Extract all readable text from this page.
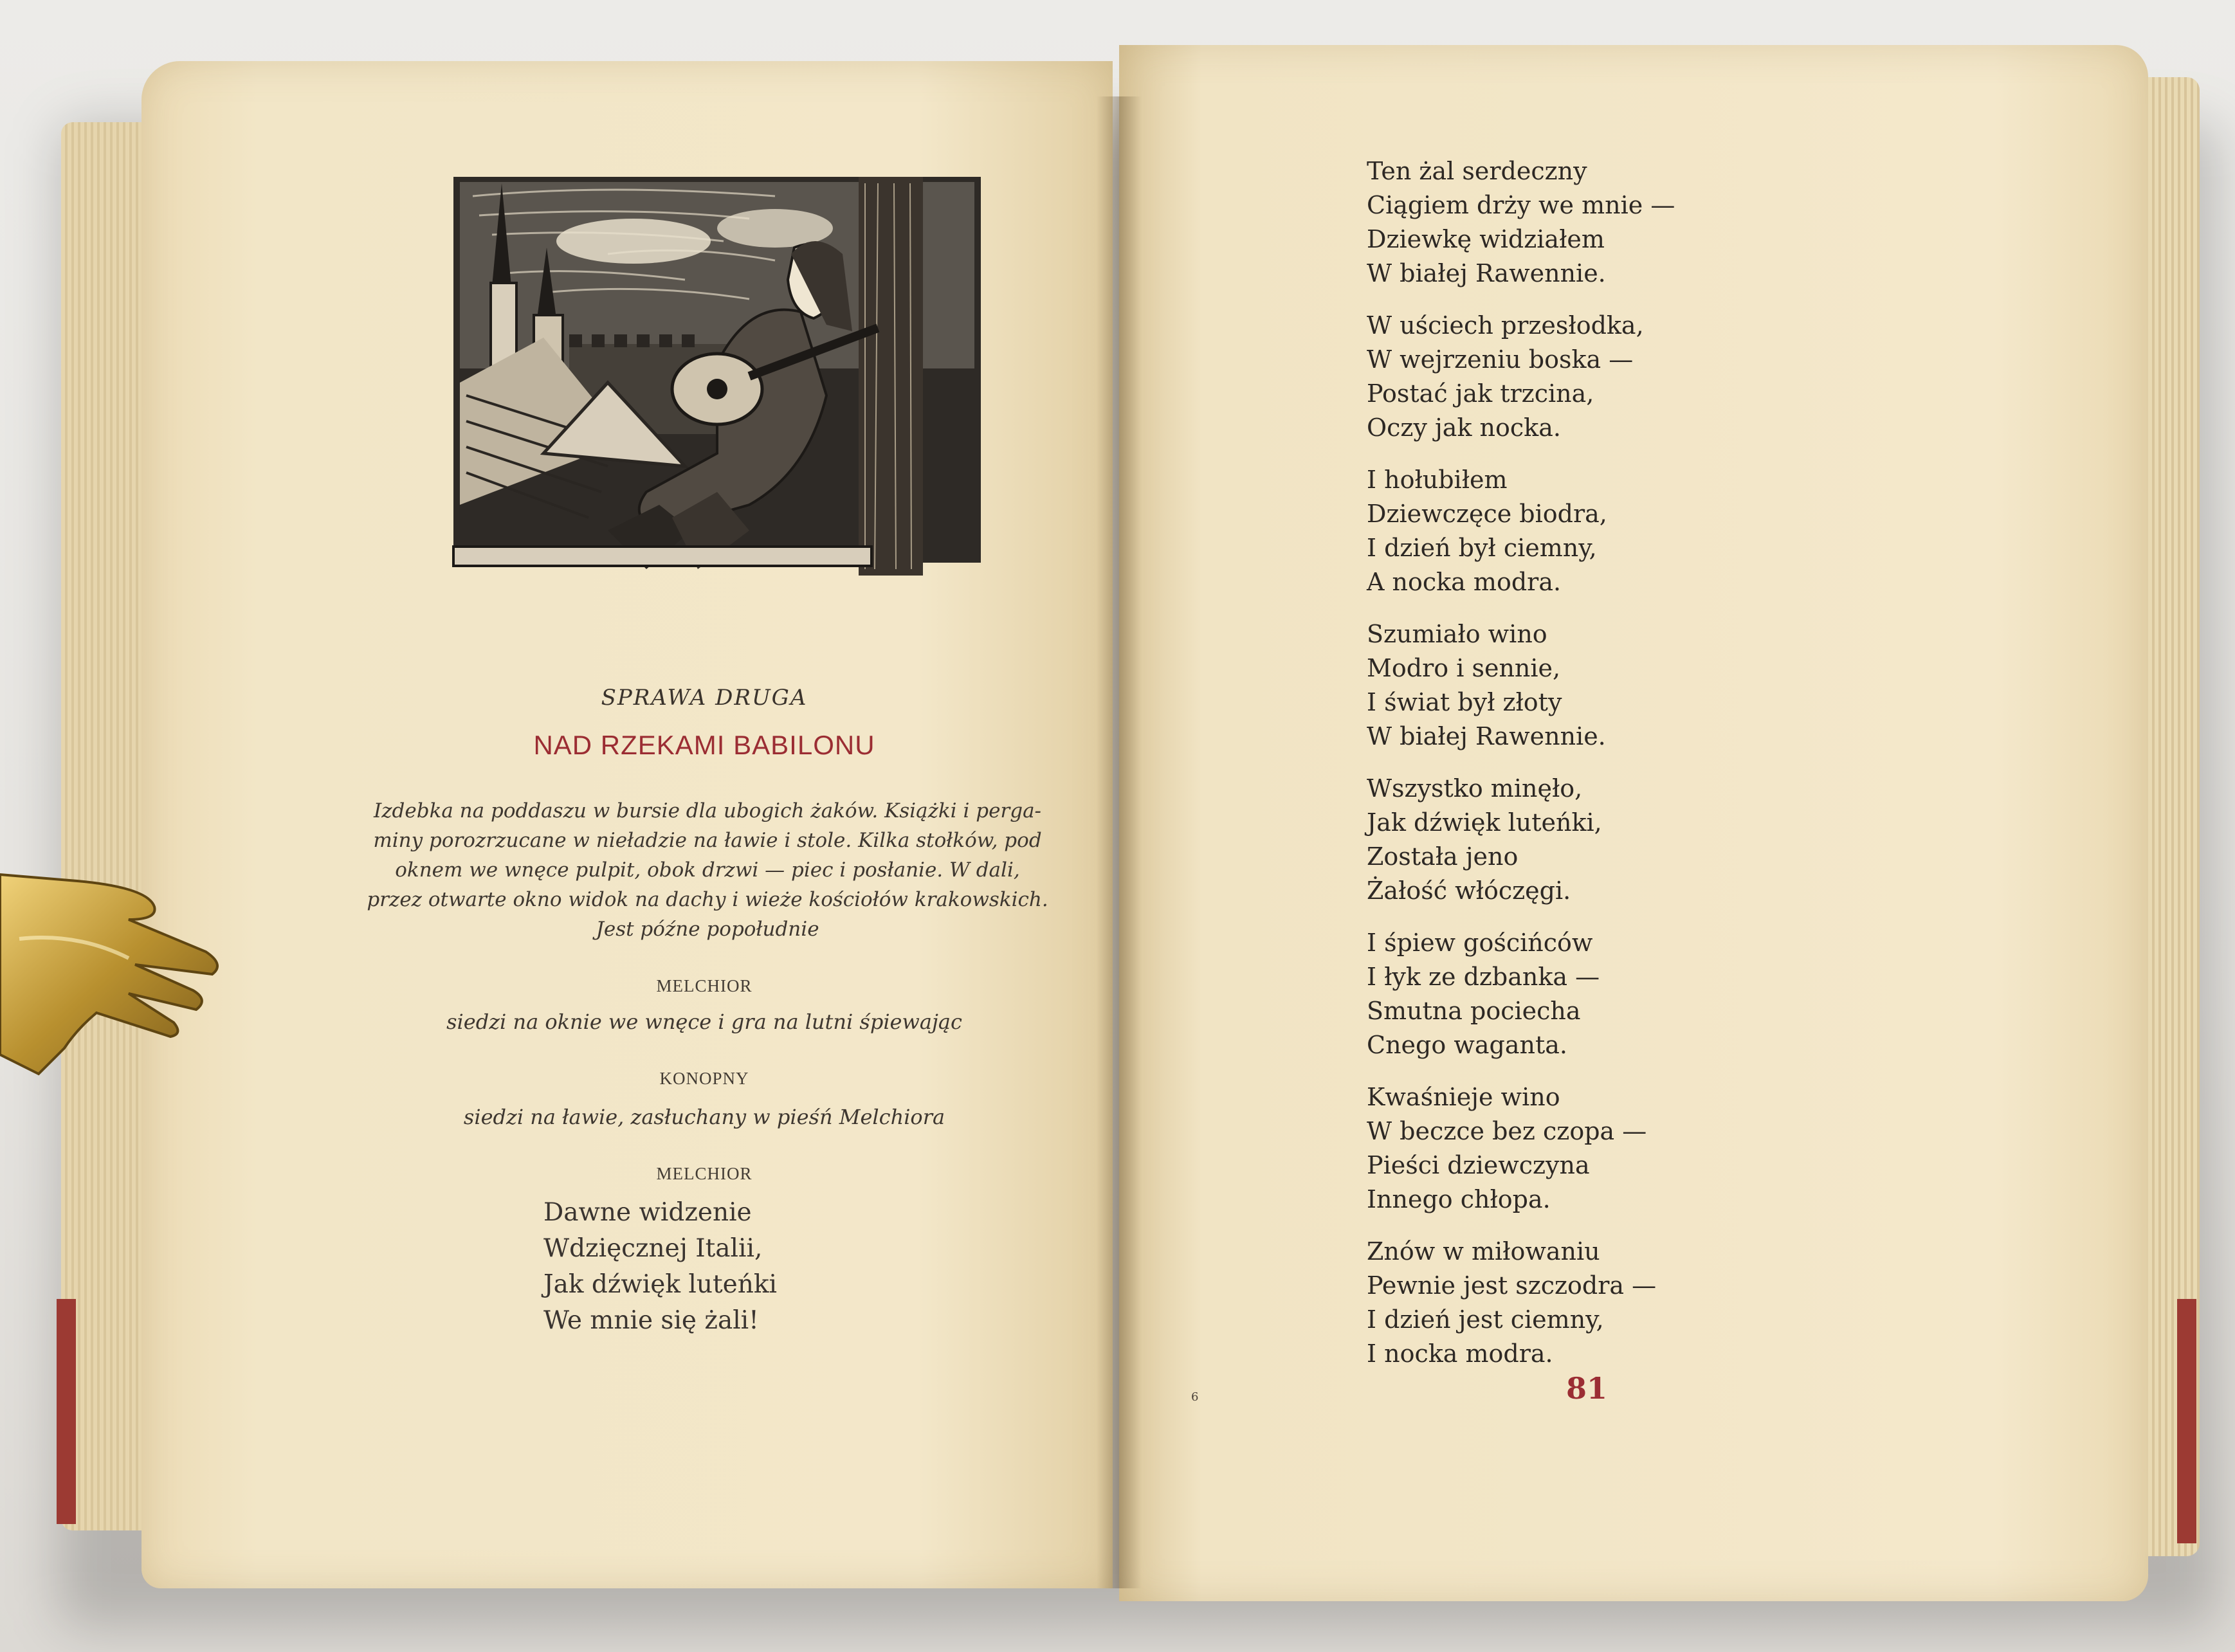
SPRAWA DRUGA
NAD RZEKAMI BABILONU
Izdebka na poddaszu w bursie dla ubogich żaków. Książki i perga-
miny porozrzucane w nieładzie na ławie i stole. Kilka stołków, pod
oknem we wnęce pulpit, obok drzwi — piec i posłanie. W dali,
przez otwarte okno widok na dachy i wieże kościołów krakowskich.
Jest późne popołudnie
MELCHIOR
siedzi na oknie we wnęce i gra na lutni śpiewając
KONOPNY
siedzi na ławie, zasłuchany w pieśń Melchiora
MELCHIOR
Dawne widzenie
Wdzięcznej Italii,
Jak dźwięk luteńki
We mnie się żali!
Ten żal serdeczny
Ciągiem drży we mnie —
Dziewkę widziałem
W białej Rawennie.
W uściech przesłodka,
W wejrzeniu boska —
Postać jak trzcina,
Oczy jak nocka.
I hołubiłem
Dziewczęce biodra,
I dzień był ciemny,
A nocka modra.
Szumiało wino
Modro i sennie,
I świat był złoty
W białej Rawennie.
Wszystko minęło,
Jak dźwięk luteńki,
Została jeno
Żałość włóczęgi.
I śpiew gościńców
I łyk ze dzbanka —
Smutna pociecha
Cnego waganta.
Kwaśnieje wino
W beczce bez czopa —
Pieści dziewczyna
Innego chłopa.
Znów w miłowaniu
Pewnie jest szczodra —
I dzień jest ciemny,
I nocka modra.
6	81
